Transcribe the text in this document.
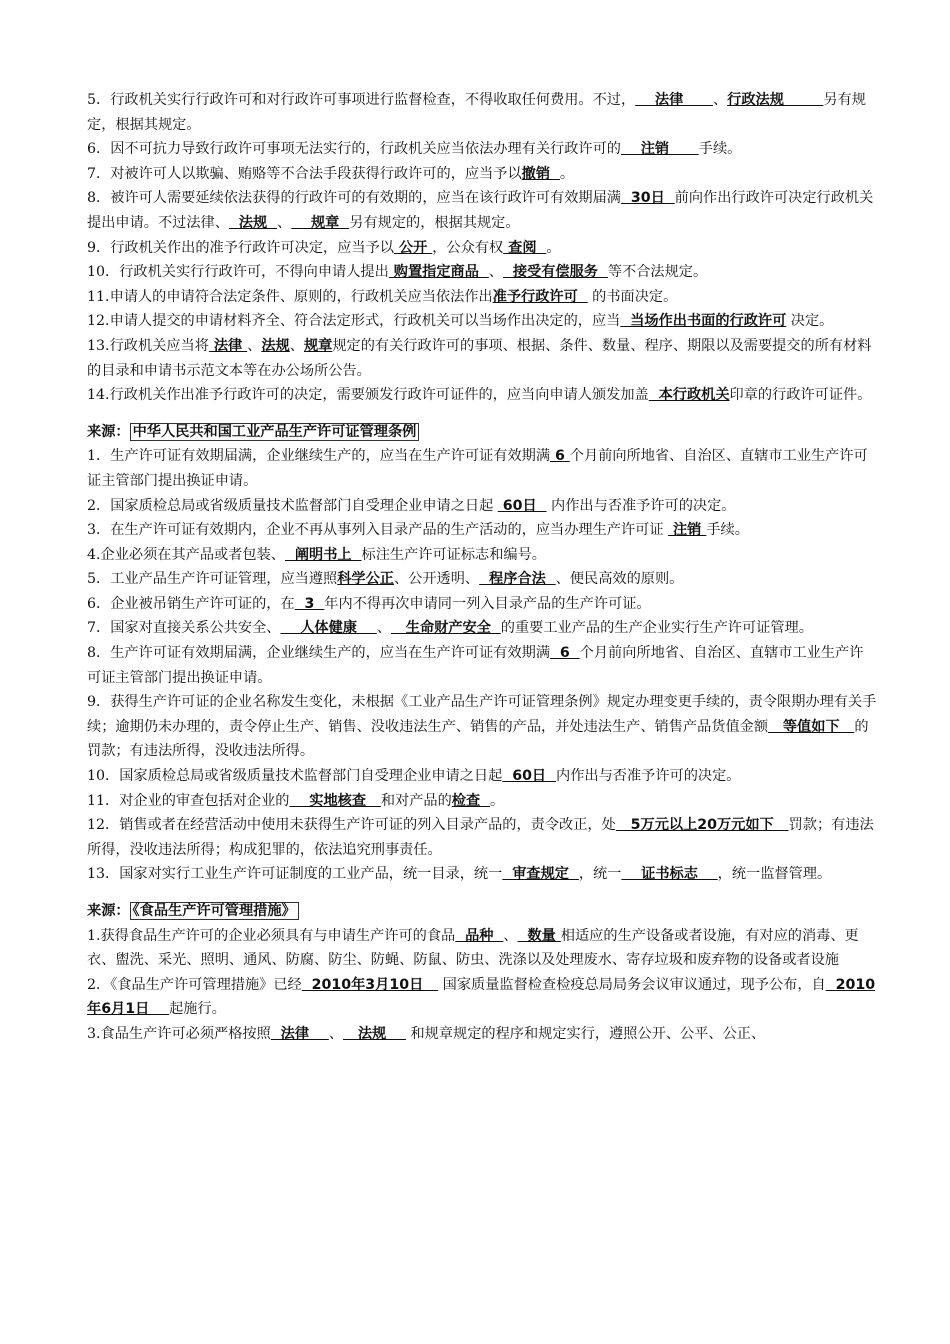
5．行政机关实行行政许可和对行政许可事项进行监督检查，不得收取任何费用。不过，    法律      、行政法规        另有规定，根据其规定。

6．因不可抗力导致行政许可事项无法实行的，行政机关应当依法办理有关行政许可的    注销      手续。

7．对被许可人以欺骗、贿赂等不合法手段获得行政许可的，应当予以撤销  。

8．被许可人需要延续依法获得的行政许可的有效期的，应当在该行政许可有效期届满  30日  前向作出行政许可决定行政机关提出申请。不过法律、  法规  、    规章  另有规定的，根据其规定。

9．行政机关作出的准予行政许可决定，应当予以 公开 ，公众有权 查阅  。

10．行政机关实行行政许可，不得向申请人提出 购置指定商品  、  接受有偿服务  等不合法规定。

11.申请人的申请符合法定条件、原则的，行政机关应当依法作出准予行政许可   的书面决定。

12.申请人提交的申请材料齐全、符合法定形式，行政机关可以当场作出决定的，应当  当场作出书面的行政许可 决定。

13.行政机关应当将 法律 、法规、规章规定的有关行政许可的事项、根据、条件、数量、程序、期限以及需要提交的所有材料的目录和申请书示范文本等在办公场所公告。

14.行政机关作出准予行政许可的决定，需要颁发行政许可证件的，应当向申请人颁发加盖  本行政机关印章的行政许可证件。

来源： 中华人民共和国工业产品生产许可证管理条例

1．生产许可证有效期届满，企业继续生产的，应当在生产许可证有效期满 6 个月前向所地省、自治区、直辖市工业生产许可证主管部门提出换证申请。

2．国家质检总局或省级质量技术监督部门自受理企业申请之日起  60日   内作出与否准予许可的决定。

3．在生产许可证有效期内，企业不再从事列入目录产品的生产活动的，应当办理生产许可证  注销 手续。

4.企业必须在其产品或者包装、  阐明书上  标注生产许可证标志和编号。

5．工业产品生产许可证管理，应当遵照科学公正、公开透明、  程序合法  、便民高效的原则。

6．企业被吊销生产许可证的，在  3  年内不得再次申请同一列入目录产品的生产许可证。

7．国家对直接关系公共安全、    人体健康    、   生命财产安全  的重要工业产品的生产企业实行生产许可证管理。

8．生产许可证有效期届满，企业继续生产的，应当在生产许可证有效期满  6  个月前向所地省、自治区、直辖市工业生产许可证主管部门提出换证申请。

9．获得生产许可证的企业名称发生变化，未根据《工业产品生产许可证管理条例》规定办理变更手续的，责令限期办理有关手续；逾期仍未办理的，责令停止生产、销售、没收违法生产、销售的产品，并处违法生产、销售产品货值金额   等值如下   的罚款；有违法所得，没收违法所得。

10．国家质检总局或省级质量技术监督部门自受理企业申请之日起  60日  内作出与否准予许可的决定。

11．对企业的审查包括对企业的    实地核查   和对产品的检查  。

12．销售或者在经营活动中使用未获得生产许可证的列入目录产品的，责令改正，处   5万元以上20万元如下   罚款；有违法所得，没收违法所得；构成犯罪的，依法追究刑事责任。

13．国家对实行工业生产许可证制度的工业产品，统一目录，统一  审查规定  ，统一    证书标志    ，统一监督管理。

来源： 《食品生产许可管理措施》

1.获得食品生产许可的企业必须具有与申请生产许可的食品  品种  、  数量 相适应的生产设备或者设施，有对应的消毒、更衣、盥洗、采光、照明、通风、防腐、防尘、防蝇、防鼠、防虫、洗涤以及处理废水、寄存垃圾和废弃物的设备或者设施

2．《食品生产许可管理措施》已经  2010年3月10日    国家质量监督检查检疫总局局务会议审议通过，现予公布，自  2010年6月1日    起施行。

3.食品生产许可必须严格按照  法律    、   法规     和规章规定的程序和规定实行，遵照公开、公平、公正、
